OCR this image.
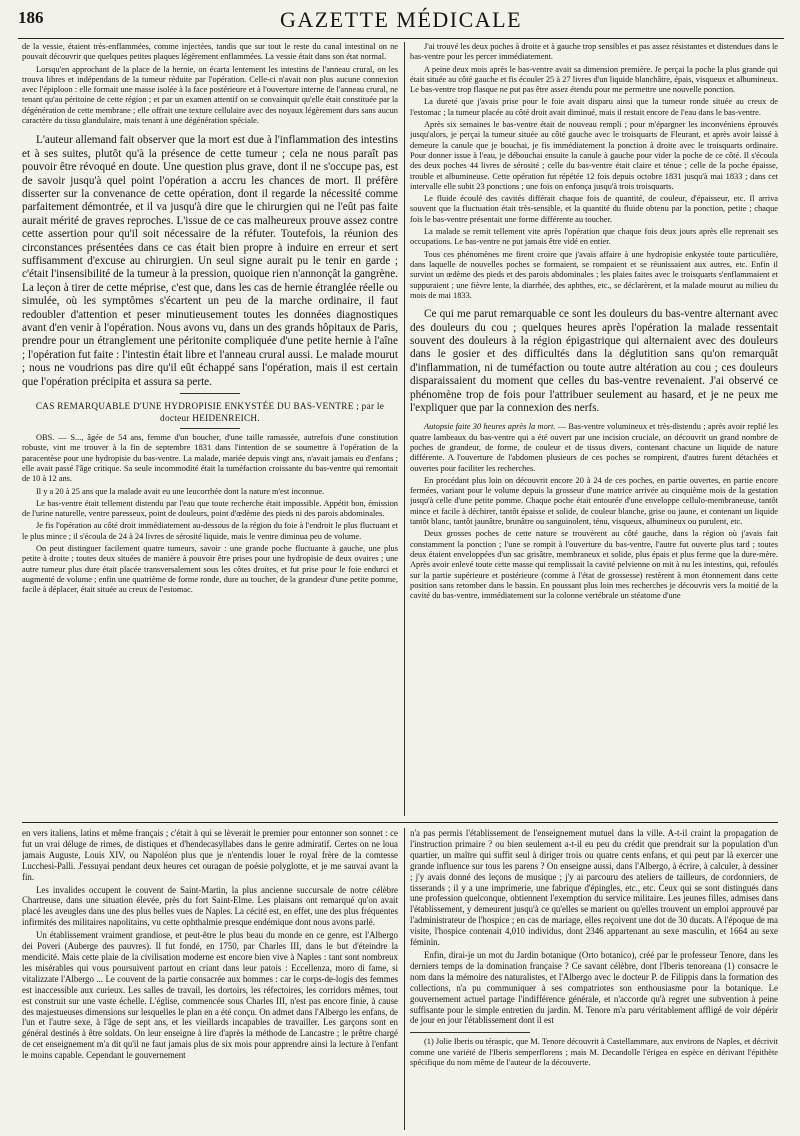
186	GAZETTE MÉDICALE

de la vessie, étaient très-enflammées, comme injectées, tandis que sur tout le reste du canal intestinal on ne pouvait découvrir que quelques petites plaques légèrement enflammées. La vessie était dans son état normal.

Lorsqu'en approchant de la place de la hernie, on écarta lentement les intestins de l'anneau crural, on les trouva libres et indépendans de la tumeur réduite par l'opération. Celle-ci n'avait non plus aucune connexion avec l'épiploon : elle formait une masse isolée à la face postérieure et à l'ouverture interne de l'anneau crural, ne tenant qu'au péritoine de cette région ; et par un examen attentif on se convainquit qu'elle était constituée par la dégénération de cette membrane ; elle offrait une texture cellulaire avec des noyaux légèrement durs sans aucun caractère du tissu glandulaire, mais tenant à une dégénération spéciale.

L'auteur allemand fait observer que la mort est due à l'inflammation des intestins et à ses suites, plutôt qu'à la présence de cette tumeur ; cela ne nous paraît pas pouvoir être révoqué en doute. Une question plus grave, dont il ne s'occupe pas, est de savoir jusqu'à quel point l'opération a accru les chances de mort. Il préfère disserter sur la convenance de cette opération, dont il regarde la nécessité comme parfaitement démontrée, et il va jusqu'à dire que le chirurgien qui ne l'eût pas faite aurait mérité de graves reproches. L'issue de ce cas malheureux prouve assez contre cette assertion pour qu'il soit nécessaire de la réfuter. Toutefois, la réunion des circonstances présentées dans ce cas était bien propre à induire en erreur et sert suffisamment d'excuse au chirurgien. Un seul signe aurait pu le tenir en garde ; c'était l'insensibilité de la tumeur à la pression, quoique rien n'annonçât la gangrène. La leçon à tirer de cette méprise, c'est que, dans les cas de hernie étranglée réelle ou simulée, où les symptômes s'écartent un peu de la marche ordinaire, il faut redoubler d'attention et peser minutieusement toutes les données diagnostiques avant d'en venir à l'opération. Nous avons vu, dans un des grands hôpitaux de Paris, prendre pour un étranglement une péritonite compliquée d'une petite hernie à l'aîne ; l'opération fut faite : l'intestin était libre et l'anneau crural aussi. Le malade mourut ; nous ne voudrions pas dire qu'il eût échappé sans l'opération, mais il est certain que l'opération précipita et assura sa perte.

CAS REMARQUABLE D'UNE HYDROPISIE ENKYSTÉE DU BAS-VENTRE ; par le docteur HEIDENREICH.

OBS. — S..., âgée de 54 ans, femme d'un boucher, d'une taille ramassée, autrefois d'une constitution robuste, vint me trouver à la fin de septembre 1831 dans l'intention de se soumettre à l'opération de la paracentèse pour une hydropisie du bas-ventre. La malade, mariée depuis vingt ans, n'avait jamais eu d'enfans ; elle avait passé l'âge critique. Sa seule incommodité était la tuméfaction croissante du bas-ventre qui remontait de 10 à 12 ans.

Il y a 20 à 25 ans que la malade avait eu une leucorrhée dont la nature m'est inconnue.

Le bas-ventre était tellement distendu par l'eau que toute recherche était impossible. Appétit bon, émission de l'urine naturelle, ventre paresseux, point de douleurs, point d'œdème des pieds ni des parois abdominales.

Je fis l'opération au côté droit immédiatement au-dessous de la région du foie à l'endroit le plus fluctuant et le plus mince ; il s'écoula de 24 à 24 livres de sérosité liquide, mais le ventre diminua peu de volume.

On peut distinguer facilement quatre tumeurs, savoir : une grande poche fluctuante à gauche, une plus petite à droite ; toutes deux situées de manière à pouvoir être prises pour une hydropisie de deux ovaires ; une autre tumeur plus dure était placée transversalement sous les côtes droites, et fut prise pour le foie endurci et augmenté de volume ; enfin une quatrième de forme ronde, dure au toucher, de la grandeur d'une petite pomme, facile à déplacer, était située au creux de l'estomac.

J'ai trouvé les deux poches à droite et à gauche trop sensibles et pas assez résistantes et distendues dans le bas-ventre pour les percer immédiatement.

A peine deux mois après le bas-ventre avait sa dimension première. Je perçai la poche la plus grande qui était située au côté gauche et fis écouler 25 à 27 livres d'un liquide blanchâtre, épais, visqueux et albumineux. Le bas-ventre trop flasque ne put pas être assez étendu pour me permettre une nouvelle ponction.

La dureté que j'avais prise pour le foie avait disparu ainsi que la tumeur ronde située au creux de l'estomac ; la tumeur placée au côté droit avait diminué, mais il restait encore de l'eau dans le bas-ventre.

Après six semaines le bas-ventre était de nouveau rempli ; pour m'épargner les inconvéniens éprouvés jusqu'alors, je perçai la tumeur située au côté gauche avec le troisquarts de Fleurant, et après avoir laissé à demeure la canule que je bouchai, je fis immédiatement la ponction à droite avec le troisquarts ordinaire. Pour donner issue à l'eau, je débouchai ensuite la canule à gauche pour vider la poche de ce côté. Il s'écoula des deux poches 44 livres de sérosité ; celle du bas-ventre était claire et ténue ; celle de la poche épaisse, trouble et albumineuse. Cette opération fut répétée 12 fois depuis octobre 1831 jusqu'à mai 1833 ; dans cet intervalle elle subit 23 ponctions ; une fois on enfonça jusqu'à trois troisquarts.

Le fluide écoulé des cavités différait chaque fois de quantité, de couleur, d'épaisseur, etc. Il arriva souvent que la fluctuation était très-sensible, et la quantité du fluide obtenu par la ponction, petite ; chaque fois le bas-ventre présentait une forme différente au toucher.

La malade se remit tellement vite après l'opération que chaque fois deux jours après elle reprenait ses occupations. Le bas-ventre ne put jamais être vidé en entier.

Tous ces phénomènes me firent croire que j'avais affaire à une hydropisie enkystée toute particulière, dans laquelle de nouvelles poches se formaient, se rompaient et se réunissaient aux autres, etc. Enfin il survint un œdème des pieds et des parois abdominales ; les plaies faites avec le troisquarts s'enflammaient et suppuraient ; une fièvre lente, la diarrhée, des aphthes, etc., se déclarèrent, et la malade mourut au milieu du mois de mai 1833.

Ce qui me parut remarquable ce sont les douleurs du bas-ventre alternant avec des douleurs du cou ; quelques heures après l'opération la malade ressentait souvent des douleurs à la région épigastrique qui alternaient avec des douleurs dans le gosier et des difficultés dans la déglutition sans qu'on remarquât d'inflammation, ni de tuméfaction ou toute autre altération au cou ; ces douleurs disparaissaient du moment que celles du bas-ventre revenaient. J'ai observé ce phénomène trop de fois pour l'attribuer seulement au hasard, et je ne peux me l'expliquer que par la connexion des nerfs.

Autopsie faite 30 heures après la mort. — Bas-ventre volumineux et très-distendu ; après avoir replié les quatre lambeaux du bas-ventre qui a été ouvert par une incision cruciale, on découvrit un grand nombre de poches de grandeur, de forme, de couleur et de tissus divers, contenant chacune un liquide de nature différente. A l'ouverture de l'abdomen plusieurs de ces poches se rompirent, d'autres furent détachées et ouvertes pour faciliter les recherches.

En procédant plus loin on découvrit encore 20 à 24 de ces poches, en partie ouvertes, en partie encore fermées, variant pour le volume depuis la grosseur d'une matrice arrivée au cinquième mois de la gestation jusqu'à celle d'une petite pomme. Chaque poche était entourée d'une enveloppe cellulo-membraneuse, tantôt mince et facile à déchirer, tantôt épaisse et solide, de couleur blanche, grise ou jaune, et contenant un liquide tantôt blanc, tantôt jaunâtre, brunâtre ou sanguinolent, ténu, visqueux, albumineux ou purulent, etc.

Deux grosses poches de cette nature se trouvèrent au côté gauche, dans la région où j'avais fait constamment la ponction ; l'une se rompit à l'ouverture du bas-ventre, l'autre fut ouverte plus tard ; toutes deux étaient enveloppées d'un sac grisâtre, membraneux et solide, plus épais et plus ferme que la dure-mère. Après avoir enlevé toute cette masse qui remplissait la cavité pelvienne on mit à nu les intestins, qui, refoulés sur la partie supérieure et postérieure (comme à l'état de grossesse) restèrent à mon étonnement dans cette position sans retomber dans le bassin. En poussant plus loin mes recherches je découvris vers la moitié de la cavité du bas-ventre, immédiatement sur la colonne vertébrale un stéatome d'une

en vers italiens, latins et même français ; c'était à qui se lèverait le premier pour entonner son sonnet : ce fut un vrai déluge de rimes, de distiques et d'hendecasyllabes dans le genre admiratif. Certes on ne loua jamais Auguste, Louis XIV, ou Napoléon plus que je n'entendis louer le royal frère de la comtesse Lucchesi-Palli. J'essuyai pendant deux heures cet ouragan de poésie polyglotte, et je me sauvai avant la fin.

Les invalides occupent le couvent de Saint-Martin, la plus ancienne succursale de notre célèbre Chartreuse, dans une situation élevée, près du fort Saint-Elme. Les plaisans ont remarqué qu'on avait placé les aveugles dans une des plus belles vues de Naples. La cécité est, en effet, une des plus fréquentes infirmités des militaires napolitains, vu cette ophthalmie presque endémique dont nous avons parlé.

Un établissement vraiment grandiose, et peut-être le plus beau du monde en ce genre, est l'Albergo dei Poveri (Auberge des pauvres). Il fut fondé, en 1750, par Charles III, dans le but d'éteindre la mendicité. Mais cette plaie de la civilisation moderne est encore bien vive à Naples : tant sont nombreux les misérables qui vous poursuivent partout en criant dans leur patois : Eccellenza, moro di fame, si vitalizzate l'Albergo ... Le couvent de la partie consacrée aux hommes : car le corps-de-logis des femmes est inaccessible aux curieux. Les salles de travail, les dortoirs, les réfectoires, les corridors mêmes, tout est construit sur une vaste échelle. L'église, commencée sous Charles III, n'est pas encore finie, à cause des majestueuses dimensions sur lesquelles le plan en a été conçu. On admet dans l'Albergo les enfans, de l'un et l'autre sexe, à l'âge de sept ans, et les vieillards incapables de travailler. Les garçons sont en général destinés à être soldats. On leur enseigne à lire d'après la méthode de Lancastre ; le prêtre chargé de cet enseignement m'a dit qu'il ne faut jamais plus de six mois pour apprendre ainsi la lecture à l'enfant le moins capable. Cependant le gouvernement

n'a pas permis l'établissement de l'enseignement mutuel dans la ville. A-t-il craint la propagation de l'instruction primaire ? ou bien seulement a-t-il eu peu du crédit que prendrait sur la population d'un quartier, un maître qui suffit seul à diriger trois ou quatre cents enfans, et qui peut par là exercer une grande influence sur tous les parens ? On enseigne aussi, dans l'Albergo, à écrire, à calculer, à dessiner ; j'y avais donné des leçons de musique ; j'y ai parcouru des ateliers de tailleurs, de cordonniers, de tisserands ; il y a une imprimerie, une fabrique d'épingles, etc., etc. Ceux qui se sont distingués dans une profession quelconque, obtiennent l'exemption du service militaire. Les jeunes filles, admises dans l'établissement, y demeurent jusqu'à ce qu'elles se marient ou qu'elles trouvent un emploi approuvé par l'administrateur de l'hospice ; en cas de mariage, elles reçoivent une dot de 30 ducats. A l'époque de ma visite, l'hospice contenait 4,010 individus, dont 2346 appartenant au sexe masculin, et 1664 au sexe féminin.

Enfin, dirai-je un mot du Jardin botanique (Orto botanico), créé par le professeur Tenore, dans les derniers temps de la domination française ? Ce savant célèbre, dont l'Iberis tenoreana (1) consacre le nom dans la mémoire des naturalistes, et l'Albergo avec le docteur P. de Filippis dans la formation des collections, n'a pu communiquer à ses compatriotes son enthousiasme pour la botanique. Le gouvernement actuel partage l'indifférence générale, et n'accorde qu'à regret une subvention à peine suffisante pour le simple entretien du jardin. M. Tenore m'a paru véritablement affligé de voir dépérir de jour en jour l'établissement dont il est

(1) Jolie Iberis ou téraspic, que M. Tenore découvrit à Castellammare, aux environs de Naples, et décrivit comme une variété de l'Iberis semperflorens ; mais M. Decandolle l'érigea en espèce en dérivant l'épithète spécifique du nom même de l'auteur de la découverte.
